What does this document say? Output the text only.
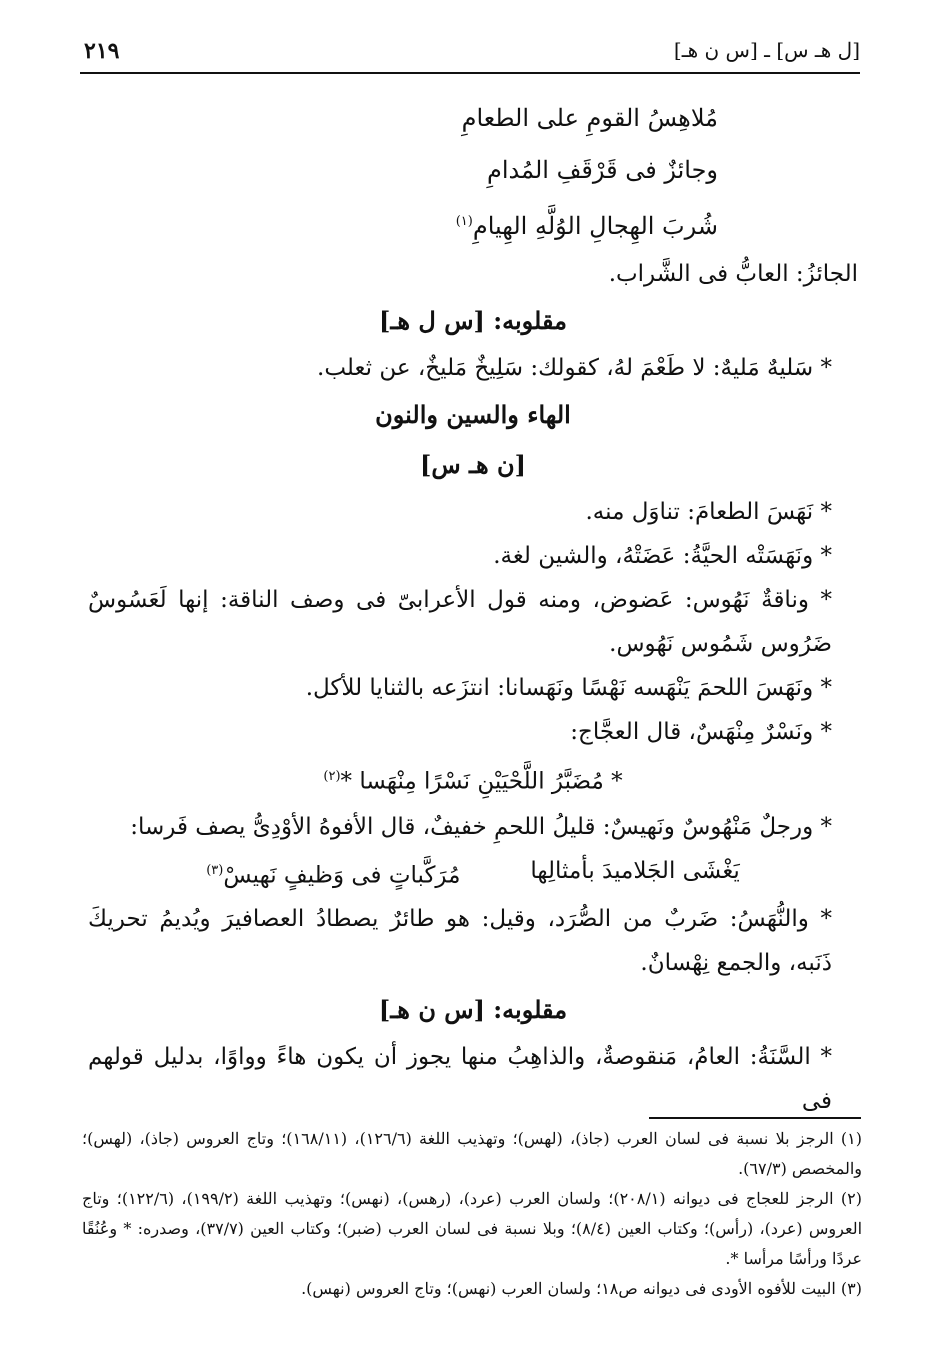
[ل هـ س] ـ [س ن هـ]
٢١٩
مُلاهِسُ القومِ على الطعامِ
وجائزٌ فى قَرْقَفِ المُدامِ
شُربَ الهِجالِ الوُلَّهِ الهِيامِ$^{(١)}$
الجائزُ: العابُّ فى الشَّراب.
مقلوبه: [س ل هـ]
* سَليهٌ مَليهٌ: لا طَعْمَ لهُ، كقولك: سَلِيخٌ مَليخٌ، عن ثعلب.
الهاء والسين والنون
[ن هـ س]
* نَهَسَ الطعامَ: تناوَل منه.
* ونَهَسَتْه الحيَّةُ: عَضَتْهُ، والشين لغة.
* وناقةٌ نَهُوس: عَضوض، ومنه قول الأعرابىّ فى وصف الناقة: إنها لَعَسُوسٌ ضَرُوس شَمُوس نَهُوس.
* ونَهَسَ اللحمَ يَنْهَسه نَهْسًا ونَهَسانا: انتزَعه بالثنايا للأكل.
* ونَسْرٌ مِنْهَسٌ، قال العجَّاج:
* مُضَبَّرُ اللَّحْيَيْنِ نَسْرًا مِنْهَسا *$^{(٢)}$
* ورجلٌ مَنْهُوسٌ ونَهيسٌ: قليلُ اللحمِ خفيفٌ، قال الأفوهُ الأوْدِىُّ يصف فَرسا:
يَغْشَى الجَلاميدَ بأمثالِها
مُرَكَّباتٍ فى وَظيفٍ نَهيسْ$^{(٣)}$
* والنُّهَسُ: ضَربٌ من الصُّرَد، وقيل: هو طائرٌ يصطادُ العصافيرَ ويُديمُ تحريكَ ذَنَبه، والجمع نِهْسانٌ.
مقلوبه: [س ن هـ]
* السَّنَةُ: العامُ، مَنقوصةٌ، والذاهِبُ منها يجوز أن يكون هاءً وواوًا، بدليل قولهم فى
(١) الرجز بلا نسبة فى لسان العرب (جاذ)، (لهس)؛ وتهذيب اللغة (١٢٦/٦)، (١٦٨/١١)؛ وتاج العروس (جاذ)، (لهس)؛ والمخصص (٦٧/٣).
(٢) الرجز للعجاج فى ديوانه (٢٠٨/١)؛ ولسان العرب (عرد)، (رهس)، (نهس)؛ وتهذيب اللغة (١٩٩/٢)، (١٢٢/٦)؛ وتاج العروس (عرد)، (رأس)؛ وكتاب العين (٨/٤)؛ وبلا نسبة فى لسان العرب (ضبر)؛ وكتاب العين (٣٧/٧)، وصدره: * وعُنُقًا عردًا ورأسًا مرأسا *.
(٣) البيت للأفوه الأودى فى ديوانه ص١٨؛ ولسان العرب (نهس)؛ وتاج العروس (نهس).
